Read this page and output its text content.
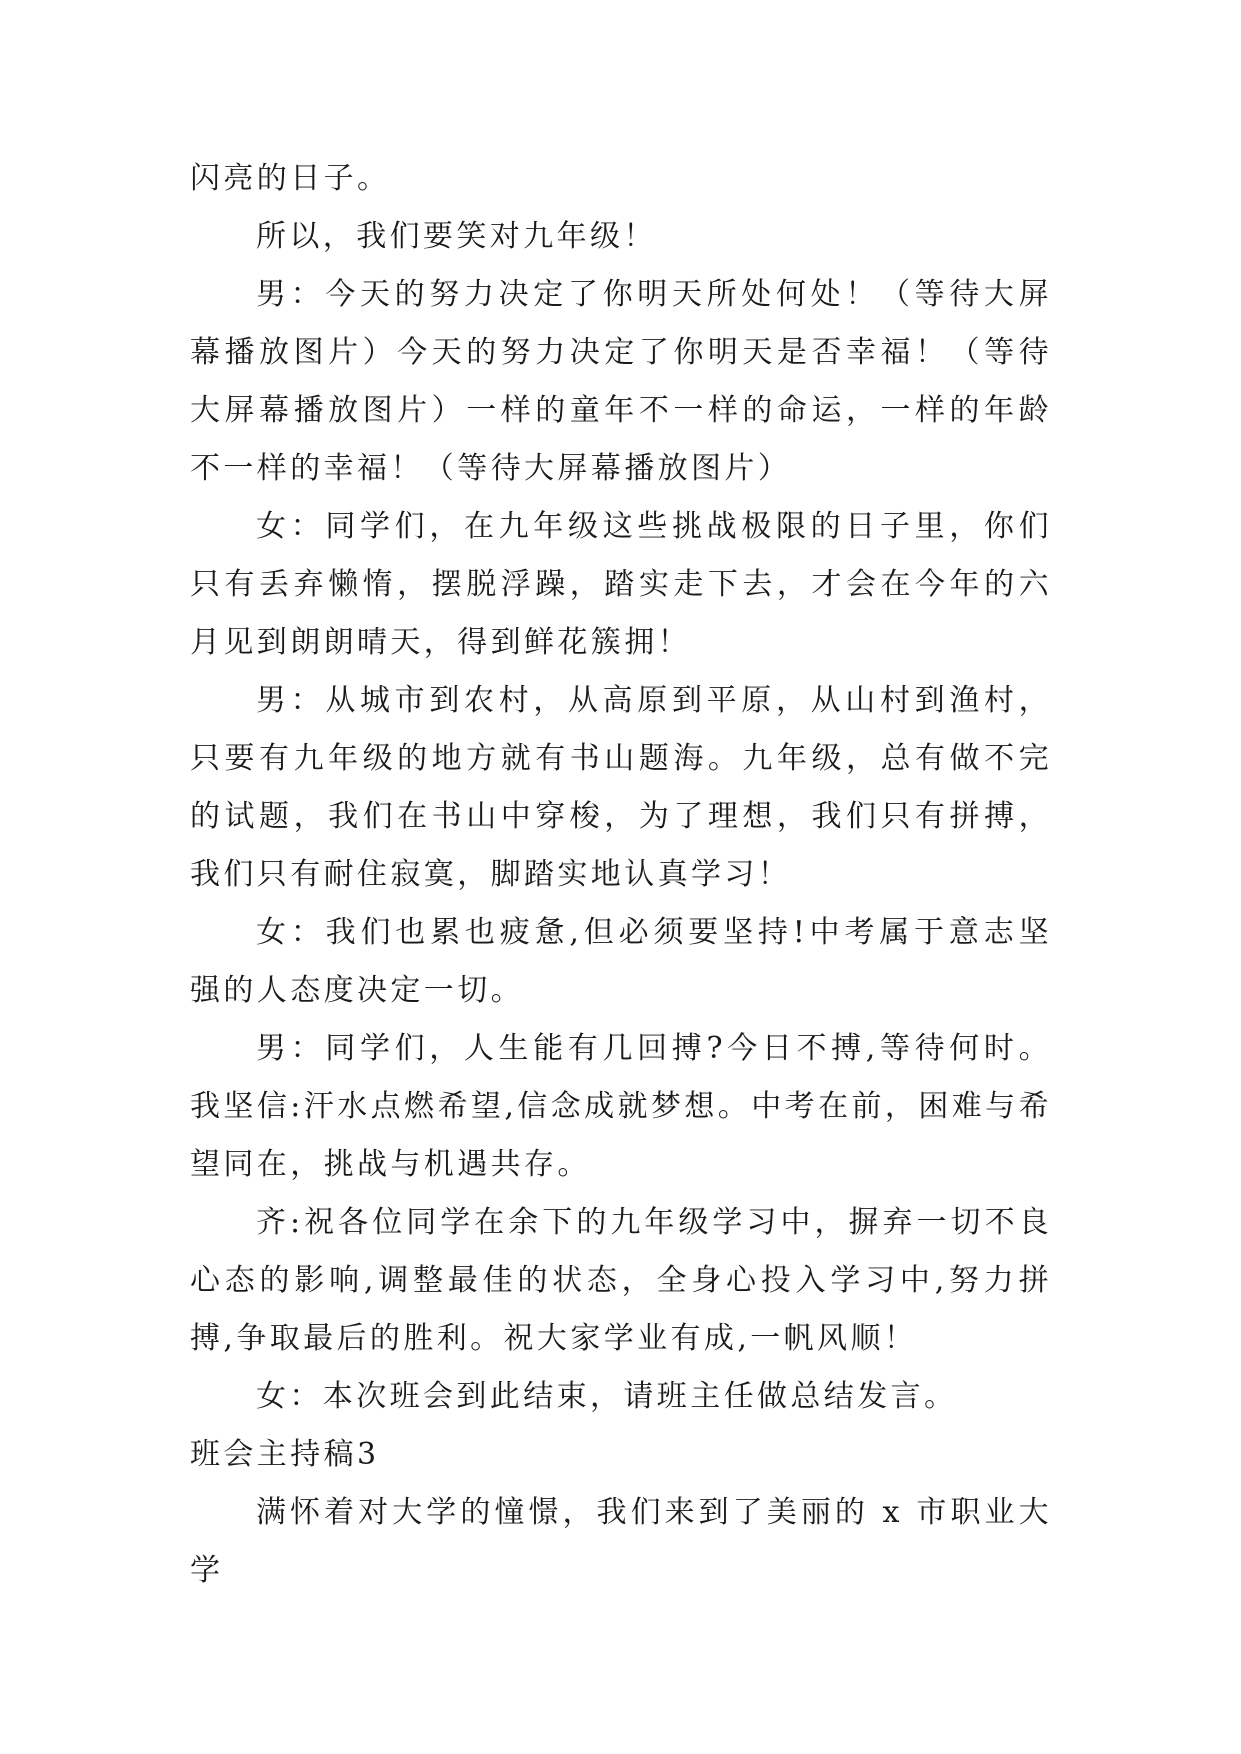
闪亮的日子。

所以，我们要笑对九年级！

男：今天的努力决定了你明天所处何处！（等待大屏幕播放图片）今天的努力决定了你明天是否幸福！（等待大屏幕播放图片）一样的童年不一样的命运，一样的年龄不一样的幸福！（等待大屏幕播放图片）

女：同学们，在九年级这些挑战极限的日子里，你们只有丢弃懒惰，摆脱浮躁，踏实走下去，才会在今年的六月见到朗朗晴天，得到鲜花簇拥！

男：从城市到农村，从高原到平原，从山村到渔村，只要有九年级的地方就有书山题海。九年级，总有做不完的试题，我们在书山中穿梭，为了理想，我们只有拼搏，我们只有耐住寂寞，脚踏实地认真学习！

女：我们也累也疲惫,但必须要坚持!中考属于意志坚强的人态度决定一切。

男：同学们，人生能有几回搏?今日不搏,等待何时。我坚信:汗水点燃希望,信念成就梦想。中考在前，困难与希望同在，挑战与机遇共存。

齐:祝各位同学在余下的九年级学习中，摒弃一切不良心态的影响,调整最佳的状态，全身心投入学习中,努力拼搏,争取最后的胜利。祝大家学业有成,一帆风顺！

女：本次班会到此结束，请班主任做总结发言。

班会主持稿3

满怀着对大学的憧憬，我们来到了美丽的 x 市职业大学
